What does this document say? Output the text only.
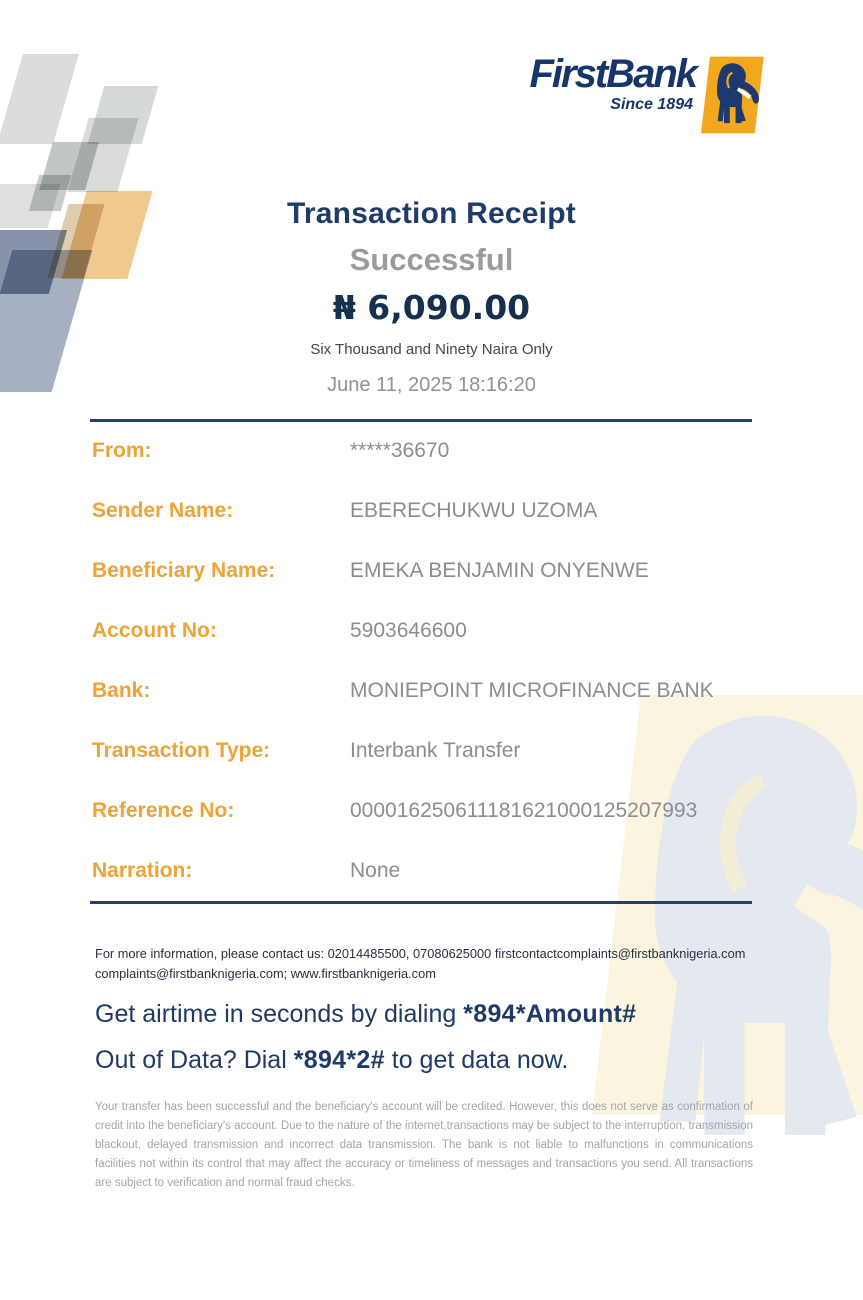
FirstBank
Since 1894
Transaction Receipt
Successful
₦ 6,090.00
Six Thousand and Ninety Naira Only
June 11, 2025 18:16:20
From:	*****36670
Sender Name:	EBERECHUKWU UZOMA
Beneficiary Name:	EMEKA BENJAMIN ONYENWE
Account No:	5903646600
Bank:	MONIEPOINT MICROFINANCE BANK
Transaction Type:	Interbank Transfer
Reference No:	000016250611181621000125207993
Narration:	None
For more information, please contact us: 02014485500, 07080625000 firstcontactcomplaints@firstbanknigeria.com
complaints@firstbanknigeria.com; www.firstbanknigeria.com
Get airtime in seconds by dialing *894*Amount#
Out of Data? Dial *894*2# to get data now.
Your transfer has been successful and the beneficiary's account will be credited. However, this does not serve as confirmation of credit into the beneficiary's account. Due to the nature of the internet,transactions may be subject to the interruption, transmission blackout, delayed transmission and incorrect data transmission. The bank is not liable to malfunctions in communications facilities not within its control that may affect the accuracy or timeliness of messages and transactions you send. All transactions are subject to verification and normal fraud checks.
